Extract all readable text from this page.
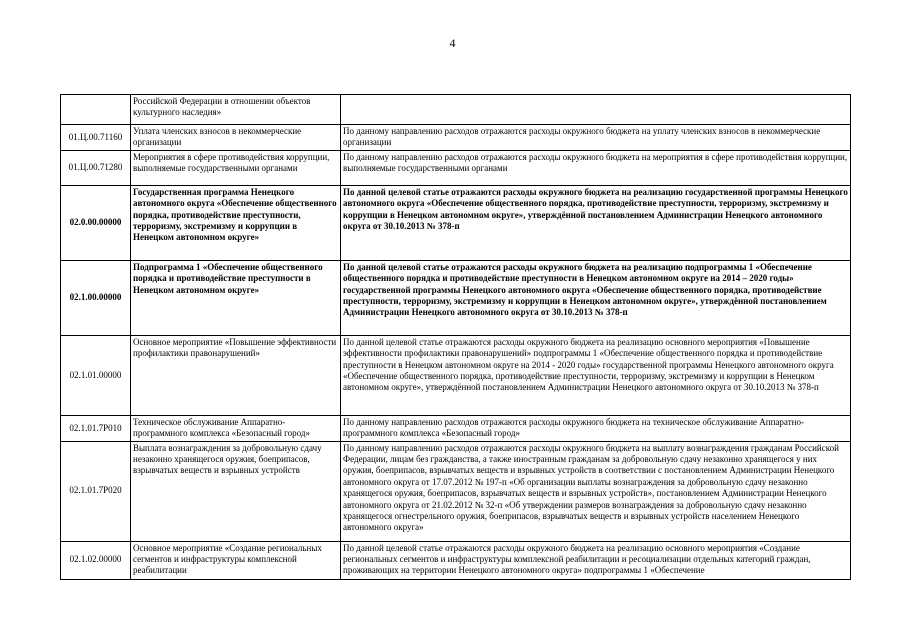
4
	Российской Федерации в отношении объектов культурного наследия»	
01.Ц.00.71160	Уплата членских взносов в некоммерческие организации	По данному направлению расходов отражаются расходы окружного бюджета на уплату членских взносов в некоммерческие организации
01.Ц.00.71280	Мероприятия в сфере противодействия коррупции, выполняемые государственными органами	По данному направлению расходов отражаются расходы окружного бюджета на мероприятия в сфере противодействия коррупции, выполняемые государственными органами
02.0.00.00000	Государственная программа Ненецкого автономного округа «Обеспечение общественного порядка, противодействие преступности, терроризму, экстремизму и коррупции в Ненецком автономном округе»	По данной целевой статье отражаются расходы окружного бюджета на реализацию государственной программы Ненецкого автономного округа «Обеспечение общественного порядка, противодействие преступности, терроризму, экстремизму и коррупции в Ненецком автономном округе», утверждённой постановлением Администрации Ненецкого автономного округа от 30.10.2013 № 378-п
02.1.00.00000	Подпрограмма 1 «Обеспечение общественного порядка и противодействие преступности в Ненецком автономном округе»	По данной целевой статье отражаются расходы окружного бюджета на реализацию подпрограммы 1 «Обеспечение общественного порядка и противодействие преступности в Ненецком автономном округе на 2014 – 2020 годы» государственной программы Ненецкого автономного округа «Обеспечение общественного порядка, противодействие преступности, терроризму, экстремизму и коррупции в Ненецком автономном округе», утверждённой постановлением Администрации Ненецкого автономного округа от 30.10.2013 № 378-п
02.1.01.00000	Основное мероприятие «Повышение эффективности профилактики правонарушений»	По данной целевой статье отражаются расходы окружного бюджета на реализацию основного мероприятия «Повышение эффективности профилактики правонарушений» подпрограммы 1 «Обеспечение общественного порядка и противодействие преступности в Ненецком автономном округе на 2014 - 2020 годы» государственной программы Ненецкого автономного округа «Обеспечение общественного порядка, противодействие преступности, терроризму, экстремизму и коррупции в Ненецком автономном округе», утверждённой постановлением Администрации Ненецкого автономного округа от 30.10.2013 № 378-п
02.1.01.7Р010	Техническое обслуживание Аппаратно-программного комплекса «Безопасный город»	По данному направлению расходов отражаются расходы окружного бюджета на техническое обслуживание Аппаратно-программного комплекса «Безопасный город»
02.1.01.7Р020	Выплата вознаграждения за добровольную сдачу незаконно хранящегося оружия, боеприпасов, взрывчатых веществ и взрывных устройств	По данному направлению расходов отражаются расходы окружного бюджета на выплату вознаграждения гражданам Российской Федерации, лицам без гражданства, а также иностранным гражданам за добровольную сдачу незаконно хранящегося у них оружия, боеприпасов, взрывчатых веществ и взрывных устройств в соответствии с постановлением Администрации Ненецкого автономного округа от 17.07.2012 № 197-п «Об организации выплаты вознаграждения за добровольную сдачу незаконно хранящегося оружия, боеприпасов, взрывчатых веществ и взрывных устройств», постановлением Администрации Ненецкого автономного округа от 21.02.2012 № 32-п «Об утверждении размеров вознаграждения за добровольную сдачу незаконно хранящегося огнестрельного оружия, боеприпасов, взрывчатых веществ и взрывных устройств населением Ненецкого автономного округа»
02.1.02.00000	Основное мероприятие «Создание региональных сегментов и инфраструктуры комплексной реабилитации	По данной целевой статье отражаются расходы окружного бюджета на реализацию основного мероприятия «Создание региональных сегментов и инфраструктуры комплексной реабилитации и ресоциализации отдельных категорий граждан, проживающих на территории Ненецкого автономного округа» подпрограммы 1 «Обеспечение
